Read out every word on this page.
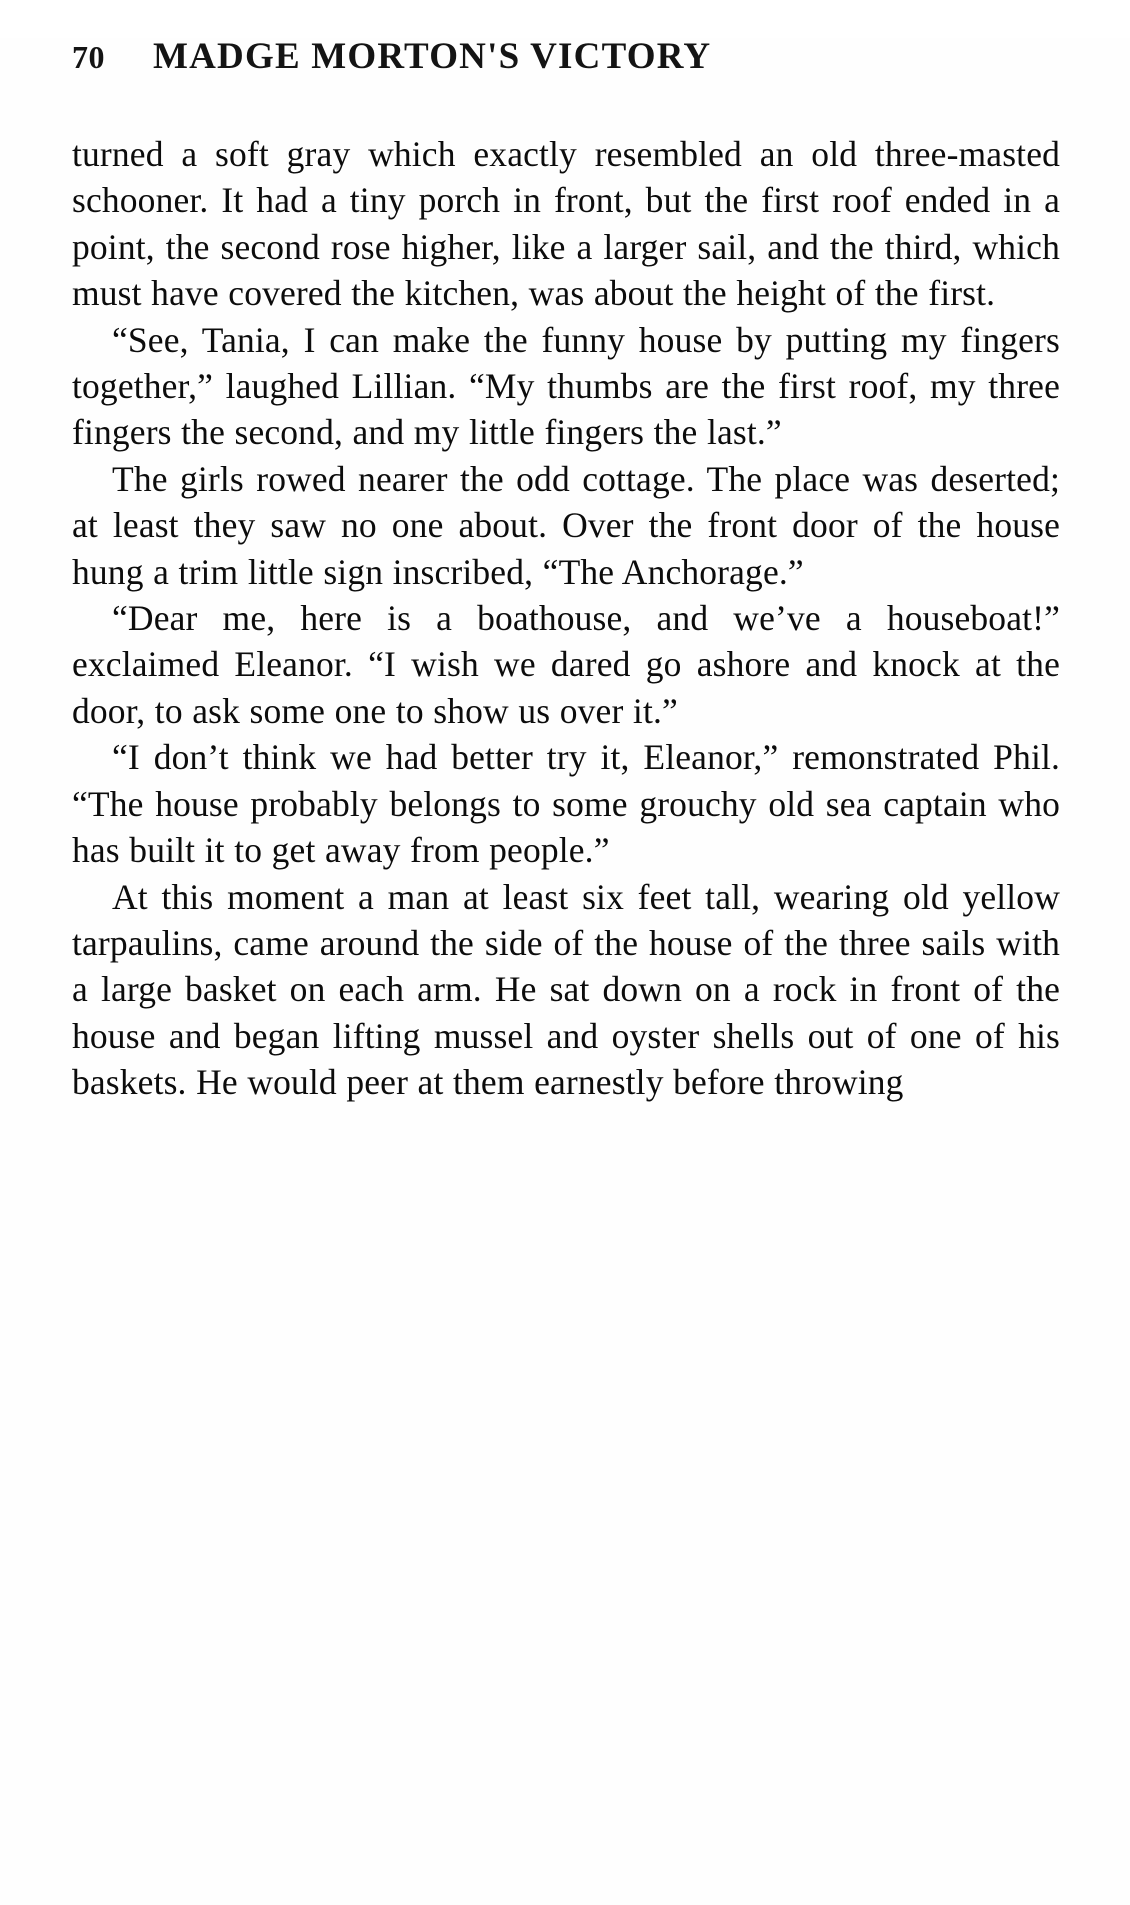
70 MADGE MORTON'S VICTORY

turned a soft gray which exactly resembled an old three-masted schooner. It had a tiny porch in front, but the first roof ended in a point, the second rose higher, like a larger sail, and the third, which must have covered the kitchen, was about the height of the first.

“See, Tania, I can make the funny house by putting my fingers together,” laughed Lillian. “My thumbs are the first roof, my three fingers the second, and my little fingers the last.”

The girls rowed nearer the odd cottage. The place was deserted; at least they saw no one about. Over the front door of the house hung a trim little sign inscribed, “The Anchorage.”

“Dear me, here is a boathouse, and we’ve a houseboat!” exclaimed Eleanor. “I wish we dared go ashore and knock at the door, to ask some one to show us over it.”

“I don’t think we had better try it, Eleanor,” remonstrated Phil. “The house probably belongs to some grouchy old sea captain who has built it to get away from people.”

At this moment a man at least six feet tall, wearing old yellow tarpaulins, came around the side of the house of the three sails with a large basket on each arm. He sat down on a rock in front of the house and began lifting mussel and oyster shells out of one of his baskets. He would peer at them earnestly before throwing
